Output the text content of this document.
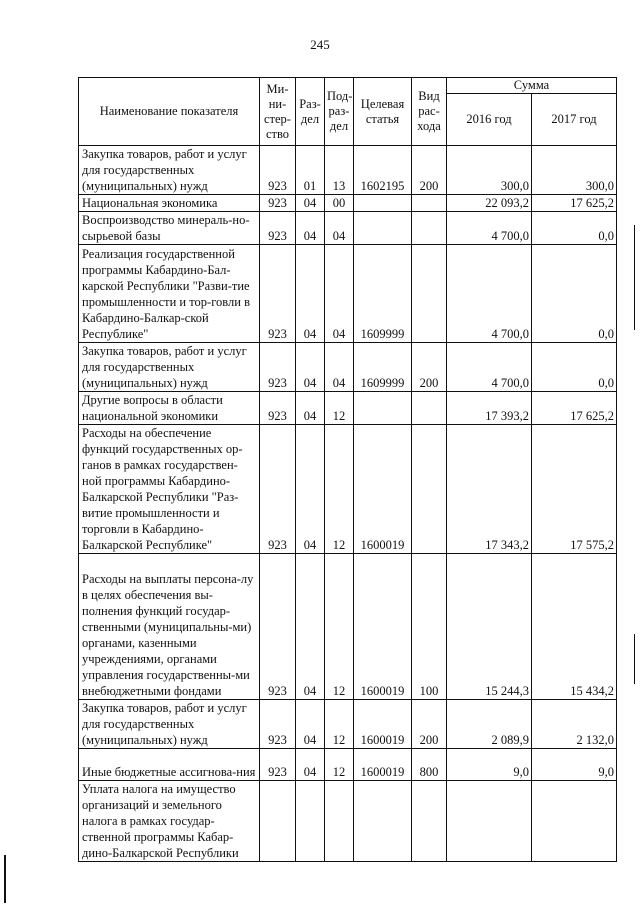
245
Наименование показателя	Ми-
ни-
стер-
ство	Раз-
дел	Под-
раз-
дел	Целевая
статья	Вид
рас-
хода	Сумма	
						2016 год	2017 год
Закупка товаров, работ и услуг для государственных (муниципальных) нужд	923	01	13	1602195	200	300,0	300,0
Национальная экономика	923	04	00			22 093,2	17 625,2
Воспроизводство минераль-но-сырьевой базы	923	04	04			4 700,0	0,0
Реализация государственной программы Кабардино-Бал-карской Республики "Разви-тие промышленности и тор-говли в Кабардино-Балкар-ской Республике"	923	04	04	1609999		4 700,0	0,0
Закупка товаров, работ и услуг для государственных (муниципальных) нужд	923	04	04	1609999	200	4 700,0	0,0
Другие вопросы в области национальной экономики	923	04	12			17 393,2	17 625,2
Расходы на обеспечение функций государственных ор-ганов в рамках государствен-ной программы Кабардино-Балкарской Республики "Раз-витие промышленности и торговли в Кабардино-Балкарской Республике"	923	04	12	1600019		17 343,2	17 575,2
Расходы на выплаты персона-лу в целях обеспечения вы-полнения функций государ-ственными (муниципальны-ми) органами, казенными учреждениями, органами управления государственны-ми внебюджетными фондами	923	04	12	1600019	100	15 244,3	15 434,2
Закупка товаров, работ и услуг для государственных (муниципальных) нужд	923	04	12	1600019	200	2 089,9	2 132,0
Иные бюджетные ассигнова-ния	923	04	12	1600019	800	9,0	9,0
Уплата налога на имущество организаций и земельного налога в рамках государ-ственной программы Кабар-дино-Балкарской Республики							
